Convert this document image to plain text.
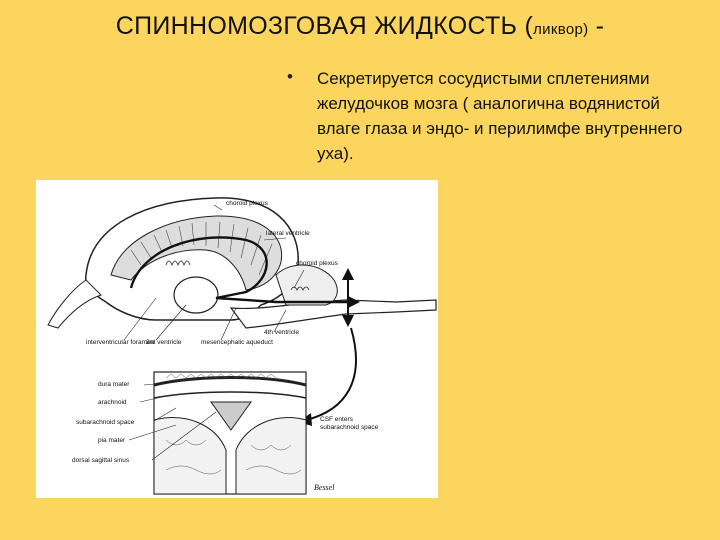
СПИННОМОЗГОВАЯ ЖИДКОСТЬ (ликвор) -
• Секретируется сосудистыми сплетениями желудочков мозга ( аналогична водянистой влаге глаза и эндо- и перилимфе внутреннего уха).
choroid plexus
lateral ventricle
choroid plexus
4th ventricle
interventricular foramen
3rd ventricle	mesencephalic aqueduct
dura mater
arachnoid
subarachnoid space
pia mater
dorsal sagittal sinus
CSF enters subarachnoid space
Bessel
